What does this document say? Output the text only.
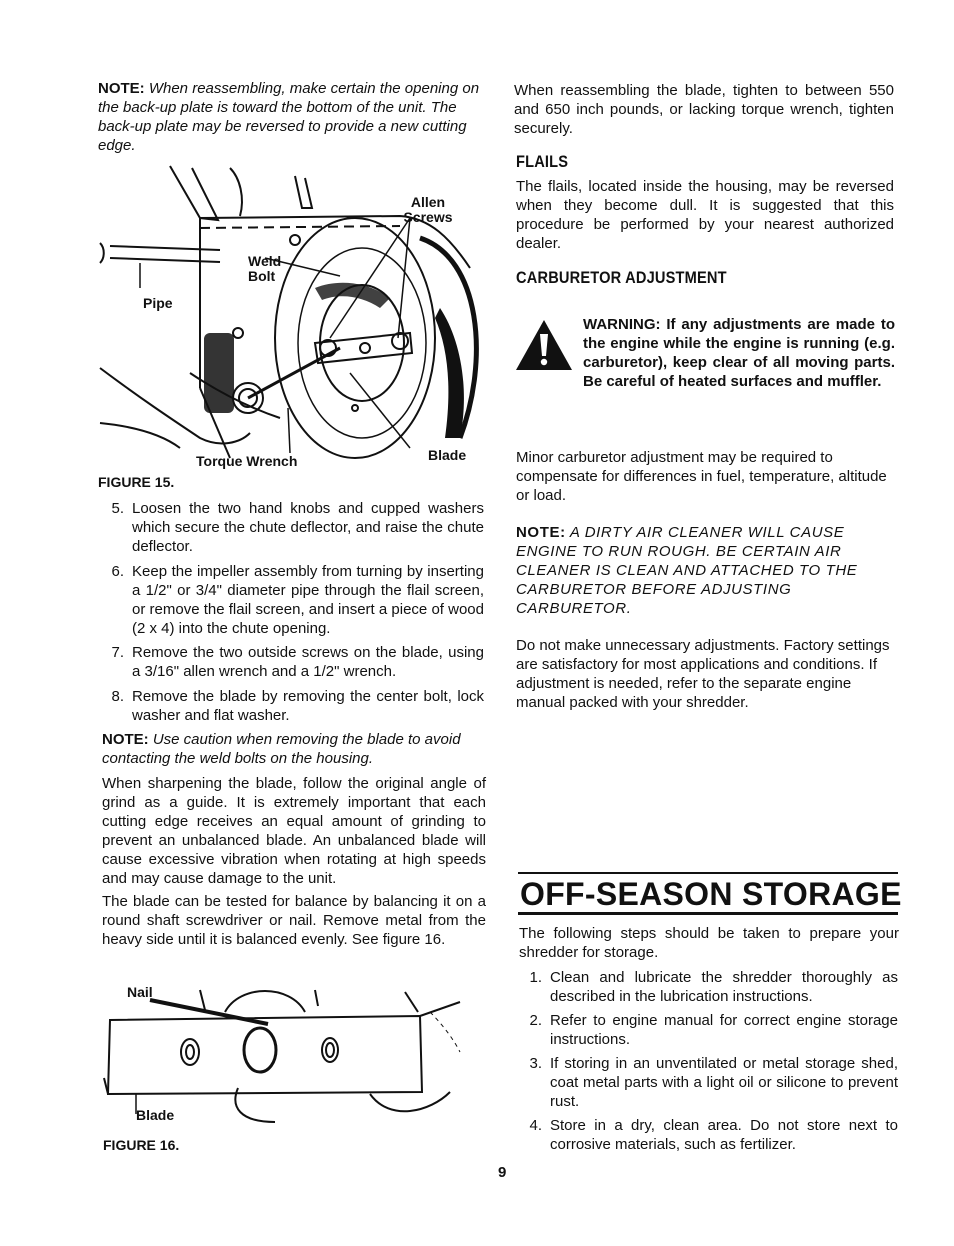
NOTE: When reassembling, make certain the opening on the back-up plate is toward the bottom of the unit. The back-up plate may be reversed to provide a new cutting edge.
Allen Screws
Weld Bolt
Pipe
Torque Wrench	Blade
FIGURE 15.
5. Loosen the two hand knobs and cupped washers which secure the chute deflector, and raise the chute deflector.
6. Keep the impeller assembly from turning by inserting a 1/2" or 3/4" diameter pipe through the flail screen, or remove the flail screen, and insert a piece of wood (2 x 4) into the chute opening.
7. Remove the two outside screws on the blade, using a 3/16" allen wrench and a 1/2" wrench.
8. Remove the blade by removing the center bolt, lock washer and flat washer.
NOTE: Use caution when removing the blade to avoid contacting the weld bolts on the housing.
When sharpening the blade, follow the original angle of grind as a guide. It is extremely important that each cutting edge receives an equal amount of grinding to prevent an unbalanced blade. An unbalanced blade will cause excessive vibration when rotating at high speeds and may cause damage to the unit.
The blade can be tested for balance by balancing it on a round shaft screwdriver or nail. Remove metal from the heavy side until it is balanced evenly. See figure 16.
Nail
Blade
FIGURE 16.
When reassembling the blade, tighten to between 550 and 650 inch pounds, or lacking torque wrench, tighten securely.
FLAILS
The flails, located inside the housing, may be reversed when they become dull. It is suggested that this procedure be performed by your nearest authorized dealer.
CARBURETOR ADJUSTMENT
WARNING: If any adjustments are made to the engine while the engine is running (e.g. carburetor), keep clear of all moving parts. Be careful of heated surfaces and muffler.
Minor carburetor adjustment may be required to compensate for differences in fuel, temperature, altitude or load.
NOTE: A DIRTY AIR CLEANER WILL CAUSE ENGINE TO RUN ROUGH. BE CERTAIN AIR CLEANER IS CLEAN AND ATTACHED TO THE CARBURETOR BEFORE ADJUSTING CARBURETOR.
Do not make unnecessary adjustments. Factory settings are satisfactory for most applications and conditions. If adjustment is needed, refer to the separate engine manual packed with your shredder.
OFF-SEASON STORAGE
The following steps should be taken to prepare your shredder for storage.
1. Clean and lubricate the shredder thoroughly as described in the lubrication instructions.
2. Refer to engine manual for correct engine storage instructions.
3. If storing in an unventilated or metal storage shed, coat metal parts with a light oil or silicone to prevent rust.
4. Store in a dry, clean area. Do not store next to corrosive materials, such as fertilizer.
9
